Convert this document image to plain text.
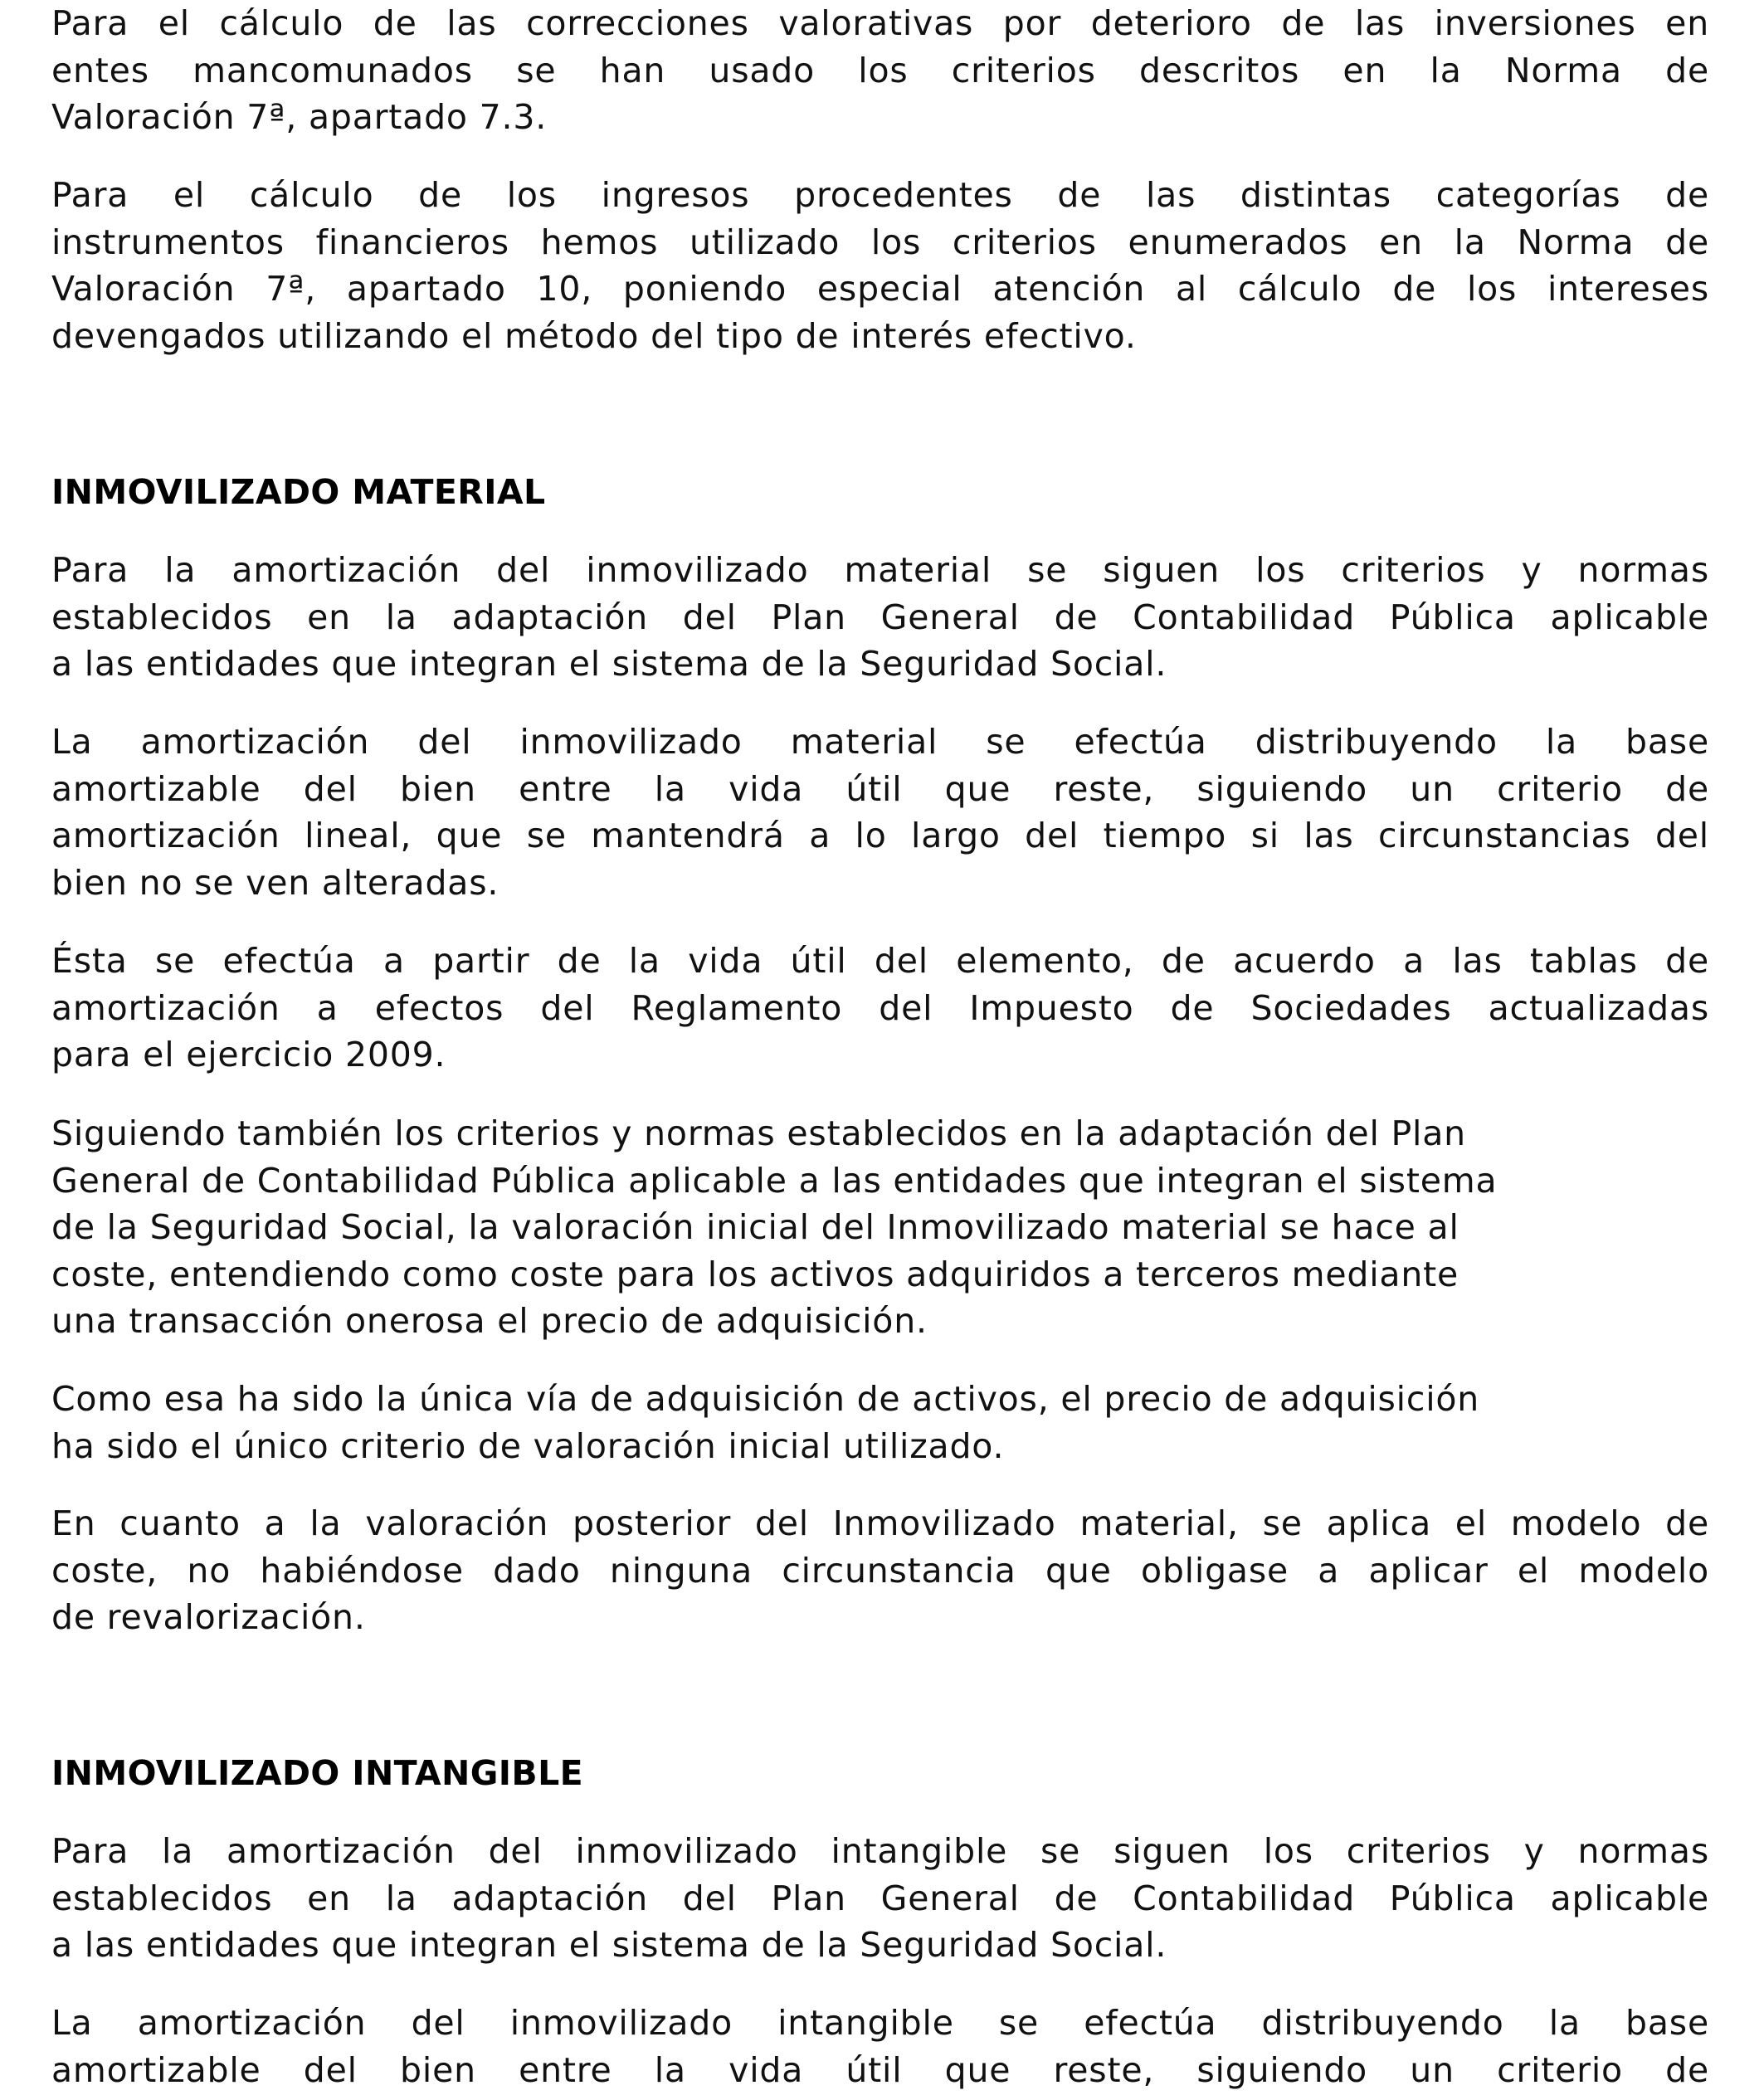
Para el cálculo de las correcciones valorativas por deterioro de las inversiones en
entes mancomunados se han usado los criterios descritos en la Norma de
Valoración 7ª, apartado 7.3.
Para el cálculo de los ingresos procedentes de las distintas categorías de
instrumentos financieros hemos utilizado los criterios enumerados en la Norma de
Valoración 7ª, apartado 10, poniendo especial atención al cálculo de los intereses
devengados utilizando el método del tipo de interés efectivo.
INMOVILIZADO MATERIAL
Para la amortización del inmovilizado material se siguen los criterios y normas
establecidos en la adaptación del Plan General de Contabilidad Pública aplicable
a las entidades que integran el sistema de la Seguridad Social.
La amortización del inmovilizado material se efectúa distribuyendo la base
amortizable del bien entre la vida útil que reste, siguiendo un criterio de
amortización lineal, que se mantendrá a lo largo del tiempo si las circunstancias del
bien no se ven alteradas.
Ésta se efectúa a partir de la vida útil del elemento, de acuerdo a las tablas de
amortización a efectos del Reglamento del Impuesto de Sociedades actualizadas
para el ejercicio 2009.
Siguiendo también los criterios y normas establecidos en la adaptación del Plan
General de Contabilidad Pública aplicable a las entidades que integran el sistema
de la Seguridad Social, la valoración inicial del Inmovilizado material se hace al
coste, entendiendo como coste para los activos adquiridos a terceros mediante
una transacción onerosa el precio de adquisición.
Como esa ha sido la única vía de adquisición de activos, el precio de adquisición
ha sido el único criterio de valoración inicial utilizado.
En cuanto a la valoración posterior del Inmovilizado material, se aplica el modelo de
coste, no habiéndose dado ninguna circunstancia que obligase a aplicar el modelo
de revalorización.
INMOVILIZADO INTANGIBLE
Para la amortización del inmovilizado intangible se siguen los criterios y normas
establecidos en la adaptación del Plan General de Contabilidad Pública aplicable
a las entidades que integran el sistema de la Seguridad Social.
La amortización del inmovilizado intangible se efectúa distribuyendo la base
amortizable del bien entre la vida útil que reste, siguiendo un criterio de
